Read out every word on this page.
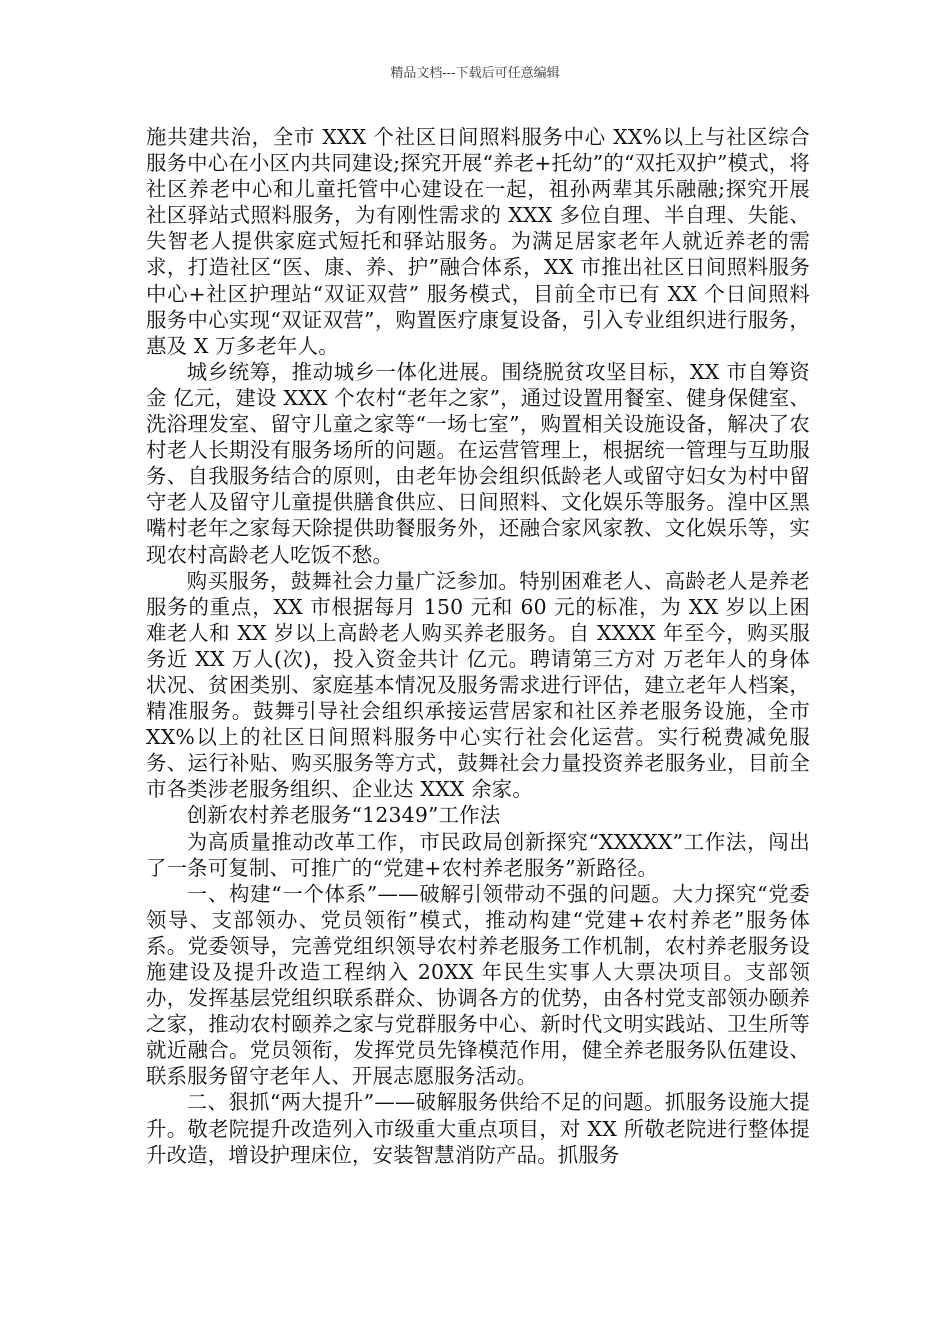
精品文档---下载后可任意编辑

施共建共治，全市 XXX 个社区日间照料服务中心 XX%以上与社区综合服务中心在小区内共同建设;探究开展“养老+托幼”的“双托双护”模式，将社区养老中心和儿童托管中心建设在一起，祖孙两辈其乐融融;探究开展社区驿站式照料服务，为有刚性需求的 XXX 多位自理、半自理、失能、失智老人提供家庭式短托和驿站服务。为满足居家老年人就近养老的需求，打造社区“医、康、养、护”融合体系，XX 市推出社区日间照料服务中心+社区护理站“双证双营” 服务模式，目前全市已有 XX 个日间照料服务中心实现“双证双营”，购置医疗康复设备，引入专业组织进行服务，惠及 X 万多老年人。

城乡统筹，推动城乡一体化进展。围绕脱贫攻坚目标，XX 市自筹资金 亿元，建设 XXX 个农村“老年之家”，通过设置用餐室、健身保健室、洗浴理发室、留守儿童之家等“一场七室”，购置相关设施设备，解决了农村老人长期没有服务场所的问题。在运营管理上，根据统一管理与互助服务、自我服务结合的原则，由老年协会组织低龄老人或留守妇女为村中留守老人及留守儿童提供膳食供应、日间照料、文化娱乐等服务。湟中区黑嘴村老年之家每天除提供助餐服务外，还融合家风家教、文化娱乐等，实现农村高龄老人吃饭不愁。

购买服务，鼓舞社会力量广泛参加。特别困难老人、高龄老人是养老服务的重点，XX 市根据每月 150 元和 60 元的标准，为 XX 岁以上困难老人和 XX 岁以上高龄老人购买养老服务。自 XXXX 年至今，购买服务近 XX 万人(次)，投入资金共计 亿元。聘请第三方对 万老年人的身体状况、贫困类别、家庭基本情况及服务需求进行评估，建立老年人档案，精准服务。鼓舞引导社会组织承接运营居家和社区养老服务设施，全市 XX%以上的社区日间照料服务中心实行社会化运营。实行税费减免服务、运行补贴、购买服务等方式，鼓舞社会力量投资养老服务业，目前全市各类涉老服务组织、企业达 XXX 余家。

创新农村养老服务“12349”工作法

为高质量推动改革工作，市民政局创新探究“XXXXX”工作法，闯出了一条可复制、可推广的“党建+农村养老服务”新路径。

一、构建“一个体系”——破解引领带动不强的问题。大力探究“党委领导、支部领办、党员领衔”模式，推动构建“党建+农村养老”服务体系。党委领导，完善党组织领导农村养老服务工作机制，农村养老服务设施建设及提升改造工程纳入 20XX 年民生实事人大票决项目。支部领办，发挥基层党组织联系群众、协调各方的优势，由各村党支部领办颐养之家，推动农村颐养之家与党群服务中心、新时代文明实践站、卫生所等就近融合。党员领衔，发挥党员先锋模范作用，健全养老服务队伍建设、联系服务留守老年人、开展志愿服务活动。

二、狠抓“两大提升”——破解服务供给不足的问题。抓服务设施大提升。敬老院提升改造列入市级重大重点项目，对 XX 所敬老院进行整体提升改造，增设护理床位，安装智慧消防产品。抓服务
